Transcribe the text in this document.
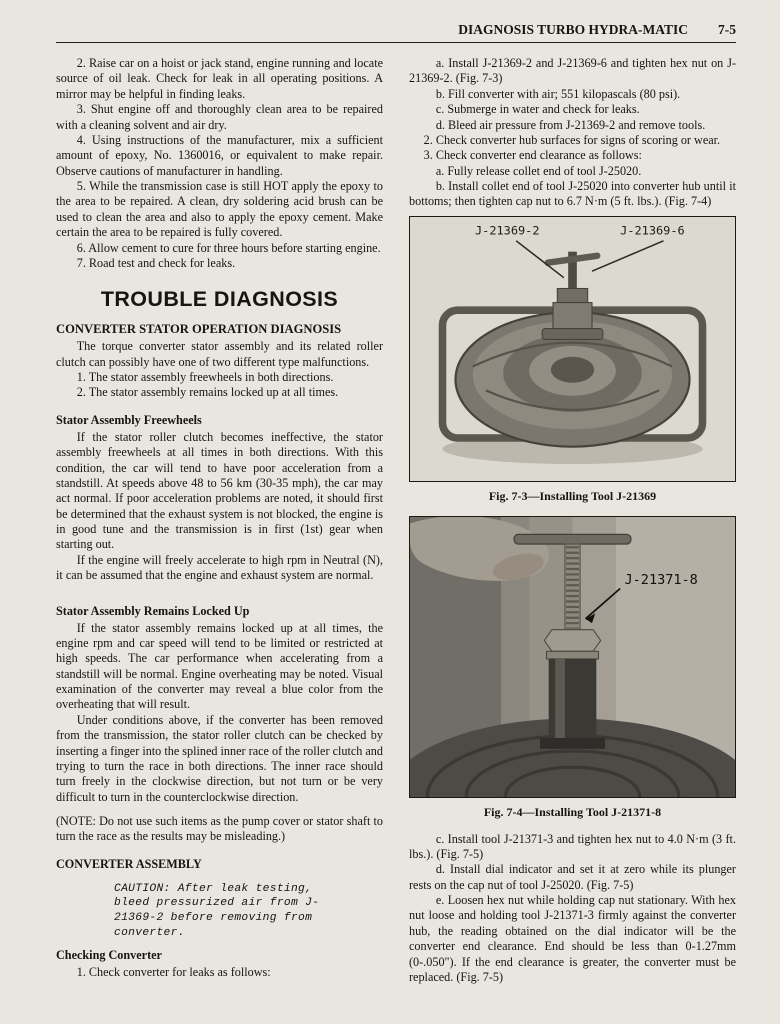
DIAGNOSIS TURBO HYDRA-MATIC 7-5

2. Raise car on a hoist or jack stand, engine running and locate source of oil leak. Check for leak in all operating positions. A mirror may be helpful in finding leaks.

3. Shut engine off and thoroughly clean area to be repaired with a cleaning solvent and air dry.

4. Using instructions of the manufacturer, mix a sufficient amount of epoxy, No. 1360016, or equivalent to make repair. Observe cautions of manufacturer in handling.

5. While the transmission case is still HOT apply the epoxy to the area to be repaired. A clean, dry soldering acid brush can be used to clean the area and also to apply the epoxy cement. Make certain the area to be repaired is fully covered.

6. Allow cement to cure for three hours before starting engine.

7. Road test and check for leaks.

TROUBLE DIAGNOSIS
CONVERTER STATOR OPERATION DIAGNOSIS

The torque converter stator assembly and its related roller clutch can possibly have one of two different type malfunctions.

1. The stator assembly freewheels in both directions.

2. The stator assembly remains locked up at all times.

Stator Assembly Freewheels

If the stator roller clutch becomes ineffective, the stator assembly freewheels at all times in both directions. With this condition, the car will tend to have poor acceleration from a standstill. At speeds above 48 to 56 km (30-35 mph), the car may act normal. If poor acceleration problems are noted, it should first be determined that the exhaust system is not blocked, the engine is in good tune and the transmission is in first (1st) gear when starting out.

If the engine will freely accelerate to high rpm in Neutral (N), it can be assumed that the engine and exhaust system are normal.

Stator Assembly Remains Locked Up

If the stator assembly remains locked up at all times, the engine rpm and car speed will tend to be limited or restricted at high speeds. The car performance when accelerating from a standstill will be normal. Engine overheating may be noted. Visual examination of the converter may reveal a blue color from the overheating that will result.

Under conditions above, if the converter has been removed from the transmission, the stator roller clutch can be checked by inserting a finger into the splined inner race of the roller clutch and trying to turn the race in both directions. The inner race should turn freely in the clockwise direction, but not turn or be very difficult to turn in the counterclockwise direction.

(NOTE: Do not use such items as the pump cover or stator shaft to turn the race as the results may be misleading.)

CONVERTER ASSEMBLY
CAUTION: After leak testing, bleed pressurized air from J-21369-2 before removing from converter.
Checking Converter

1. Check converter for leaks as follows:

a. Install J-21369-2 and J-21369-6 and tighten hex nut on J-21369-2. (Fig. 7-3)

b. Fill converter with air; 551 kilopascals (80 psi).

c. Submerge in water and check for leaks.

d. Bleed air pressure from J-21369-2 and remove tools.

2. Check converter hub surfaces for signs of scoring or wear.

3. Check converter end clearance as follows:

a. Fully release collet end of tool J-25020.

b. Install collet end of tool J-25020 into converter hub until it bottoms; then tighten cap nut to 6.7 N·m (5 ft. lbs.). (Fig. 7-4)

J-21369-2	J-21369-6
Fig. 7-3—Installing Tool J-21369
J-21371-8
Fig. 7-4—Installing Tool J-21371-8

c. Install tool J-21371-3 and tighten hex nut to 4.0 N·m (3 ft. lbs.). (Fig. 7-5)

d. Install dial indicator and set it at zero while its plunger rests on the cap nut of tool J-25020. (Fig. 7-5)

e. Loosen hex nut while holding cap nut stationary. With hex nut loose and holding tool J-21371-3 firmly against the converter hub, the reading obtained on the dial indicator will be the converter end clearance. End should be less than 0-1.27mm (0-.050"). If the end clearance is greater, the converter must be replaced. (Fig. 7-5)
